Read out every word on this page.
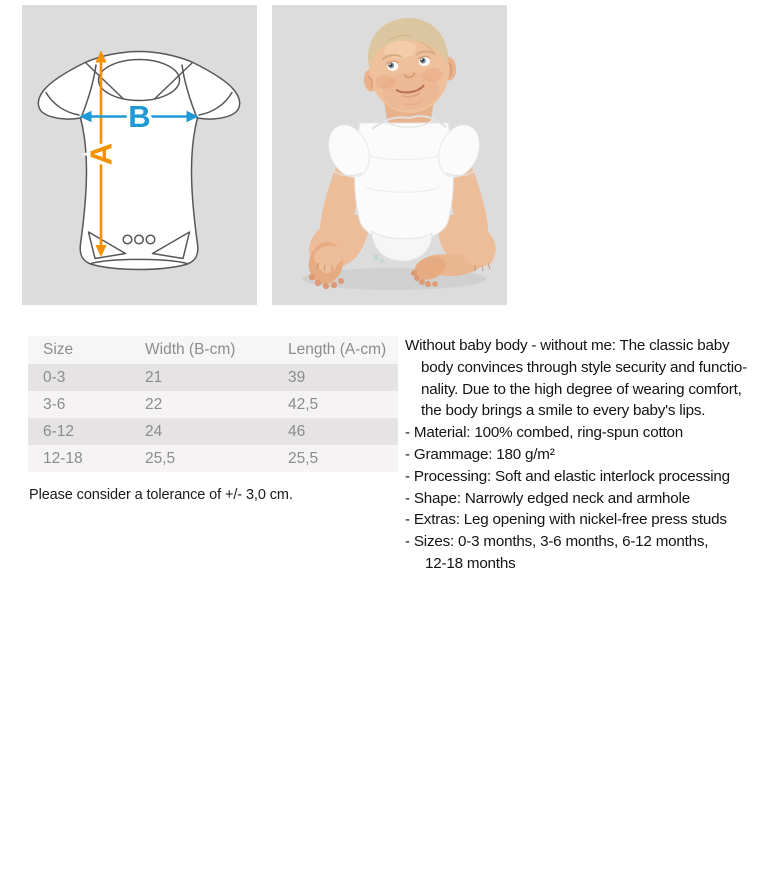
A
B
Size	Width (B-cm)	Length (A-cm)
0-3	21	39
3-6	22	42,5
6-12	24	46
12-18	25,5	25,5
Please consider a tolerance of +/- 3,0 cm.
Without baby body - without me: The classic baby
body convinces through style security and functio-
nality. Due to the high degree of wearing comfort,
the body brings a smile to every baby's lips.
- Material: 100% combed, ring-spun cotton
- Grammage: 180 g/m²
- Processing: Soft and elastic interlock processing
- Shape: Narrowly edged neck and armhole
- Extras: Leg opening with nickel-free press studs
- Sizes: 0-3 months, 3-6 months, 6-12 months,
12-18 months
